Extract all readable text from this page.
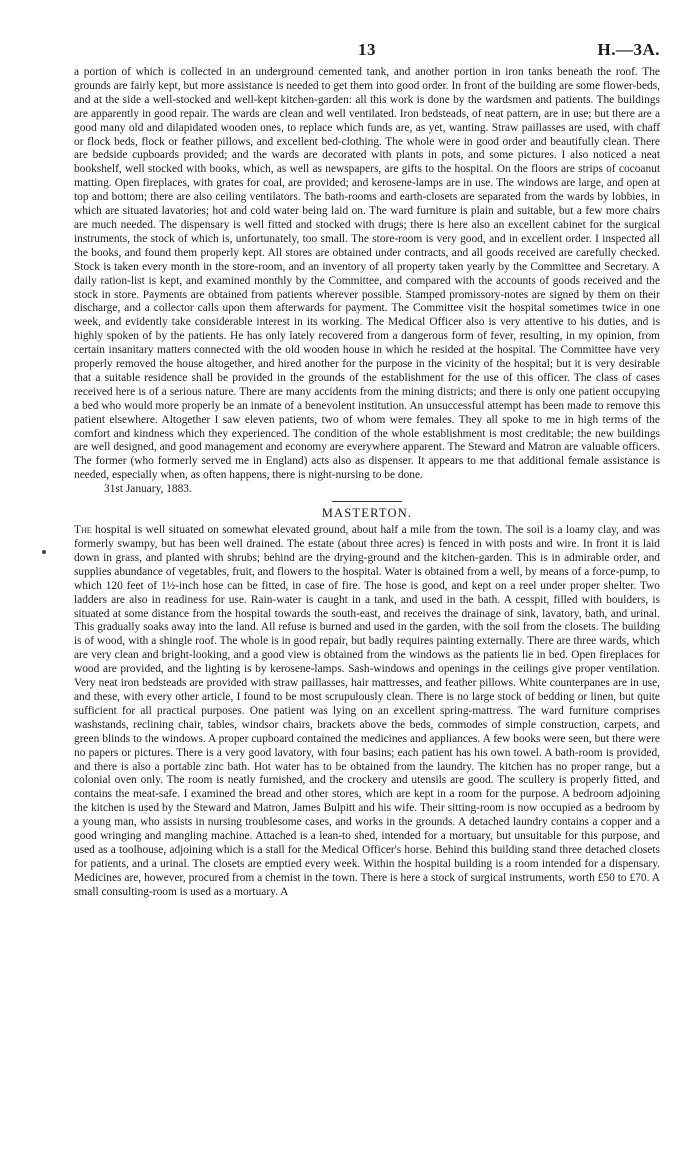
13	H.—3A.

a portion of which is collected in an underground cemented tank, and another portion in iron tanks beneath the roof. The grounds are fairly kept, but more assistance is needed to get them into good order. In front of the building are some flower-beds, and at the side a well-stocked and well-kept kitchen-garden: all this work is done by the wardsmen and patients. The buildings are apparently in good repair. The wards are clean and well ventilated. Iron bedsteads, of neat pattern, are in use; but there are a good many old and dilapidated wooden ones, to replace which funds are, as yet, wanting. Straw paillasses are used, with chaff or flock beds, flock or feather pillows, and excellent bed-clothing. The whole were in good order and beautifully clean. There are bedside cupboards provided; and the wards are decorated with plants in pots, and some pictures. I also noticed a neat bookshelf, well stocked with books, which, as well as newspapers, are gifts to the hospital. On the floors are strips of cocoanut matting. Open fireplaces, with grates for coal, are provided; and kerosene-lamps are in use. The windows are large, and open at top and bottom; there are also ceiling ventilators. The bath-rooms and earth-closets are separated from the wards by lobbies, in which are situated lavatories; hot and cold water being laid on. The ward furniture is plain and suitable, but a few more chairs are much needed. The dispensary is well fitted and stocked with drugs; there is here also an excellent cabinet for the surgical instruments, the stock of which is, unfortunately, too small. The store-room is very good, and in excellent order. I inspected all the books, and found them properly kept. All stores are obtained under contracts, and all goods received are carefully checked. Stock is taken every month in the store-room, and an inventory of all property taken yearly by the Committee and Secretary. A daily ration-list is kept, and examined monthly by the Committee, and compared with the accounts of goods received and the stock in store. Payments are obtained from patients wherever possible. Stamped promissory-notes are signed by them on their discharge, and a collector calls upon them afterwards for payment. The Committee visit the hospital sometimes twice in one week, and evidently take considerable interest in its working. The Medical Officer also is very attentive to his duties, and is highly spoken of by the patients. He has only lately recovered from a dangerous form of fever, resulting, in my opinion, from certain insanitary matters connected with the old wooden house in which he resided at the hospital. The Committee have very properly removed the house altogether, and hired another for the purpose in the vicinity of the hospital; but it is very desirable that a suitable residence shall be provided in the grounds of the establishment for the use of this officer. The class of cases received here is of a serious nature. There are many accidents from the mining districts; and there is only one patient occupying a bed who would more properly be an inmate of a benevolent institution. An unsuccessful attempt has been made to remove this patient elsewhere. Altogether I saw eleven patients, two of whom were females. They all spoke to me in high terms of the comfort and kindness which they experienced. The condition of the whole establishment is most creditable; the new buildings are well designed, and good management and economy are everywhere apparent. The Steward and Matron are valuable officers. The former (who formerly served me in England) acts also as dispenser. It appears to me that additional female assistance is needed, especially when, as often happens, there is night-nursing to be done.

31st January, 1883.

MASTERTON.

The hospital is well situated on somewhat elevated ground, about half a mile from the town. The soil is a loamy clay, and was formerly swampy, but has been well drained. The estate (about three acres) is fenced in with posts and wire. In front it is laid down in grass, and planted with shrubs; behind are the drying-ground and the kitchen-garden. This is in admirable order, and supplies abundance of vegetables, fruit, and flowers to the hospital. Water is obtained from a well, by means of a force-pump, to which 120 feet of 1½-inch hose can be fitted, in case of fire. The hose is good, and kept on a reel under proper shelter. Two ladders are also in readiness for use. Rain-water is caught in a tank, and used in the bath. A cesspit, filled with boulders, is situated at some distance from the hospital towards the south-east, and receives the drainage of sink, lavatory, bath, and urinal. This gradually soaks away into the land. All refuse is burned and used in the garden, with the soil from the closets. The building is of wood, with a shingle roof. The whole is in good repair, but badly requires painting externally. There are three wards, which are very clean and bright-looking, and a good view is obtained from the windows as the patients lie in bed. Open fireplaces for wood are provided, and the lighting is by kerosene-lamps. Sash-windows and openings in the ceilings give proper ventilation. Very neat iron bedsteads are provided with straw paillasses, hair mattresses, and feather pillows. White counterpanes are in use, and these, with every other article, I found to be most scrupulously clean. There is no large stock of bedding or linen, but quite sufficient for all practical purposes. One patient was lying on an excellent spring-mattress. The ward furniture comprises washstands, reclining chair, tables, windsor chairs, brackets above the beds, commodes of simple construction, carpets, and green blinds to the windows. A proper cupboard contained the medicines and appliances. A few books were seen, but there were no papers or pictures. There is a very good lavatory, with four basins; each patient has his own towel. A bath-room is provided, and there is also a portable zinc bath. Hot water has to be obtained from the laundry. The kitchen has no proper range, but a colonial oven only. The room is neatly furnished, and the crockery and utensils are good. The scullery is properly fitted, and contains the meat-safe. I examined the bread and other stores, which are kept in a room for the purpose. A bedroom adjoining the kitchen is used by the Steward and Matron, James Bulpitt and his wife. Their sitting-room is now occupied as a bedroom by a young man, who assists in nursing troublesome cases, and works in the grounds. A detached laundry contains a copper and a good wringing and mangling machine. Attached is a lean-to shed, intended for a mortuary, but unsuitable for this purpose, and used as a toolhouse, adjoining which is a stall for the Medical Officer's horse. Behind this building stand three detached closets for patients, and a urinal. The closets are emptied every week. Within the hospital building is a room intended for a dispensary. Medicines are, however, procured from a chemist in the town. There is here a stock of surgical instruments, worth £50 to £70. A small consulting-room is used as a mortuary. A
